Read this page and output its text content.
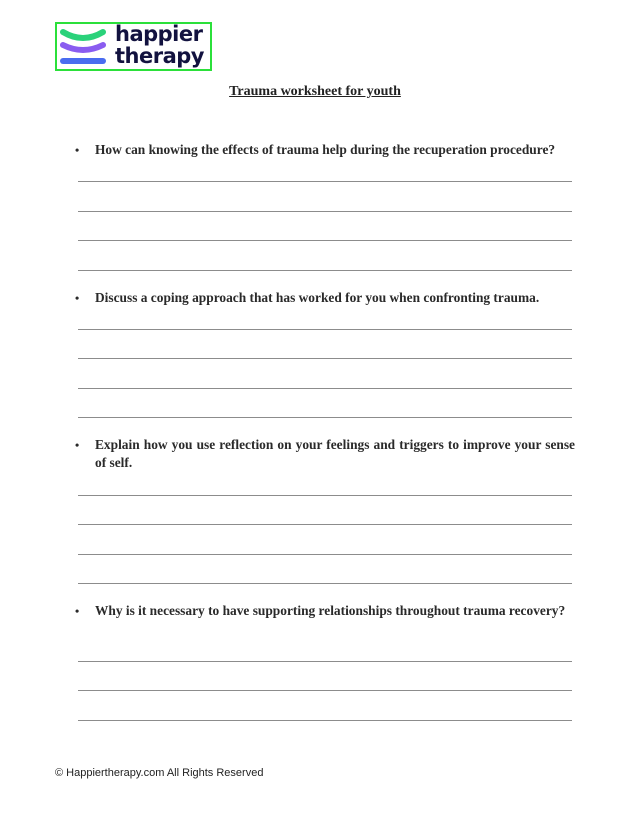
happier
therapy
Trauma worksheet for youth
• How can knowing the effects of trauma help during the recuperation procedure?
• Discuss a coping approach that has worked for you when confronting trauma.
• Explain how you use reflection on your feelings and triggers to improve your sense of self.
• Why is it necessary to have supporting relationships throughout trauma recovery?
© Happiertherapy.com All Rights Reserved
